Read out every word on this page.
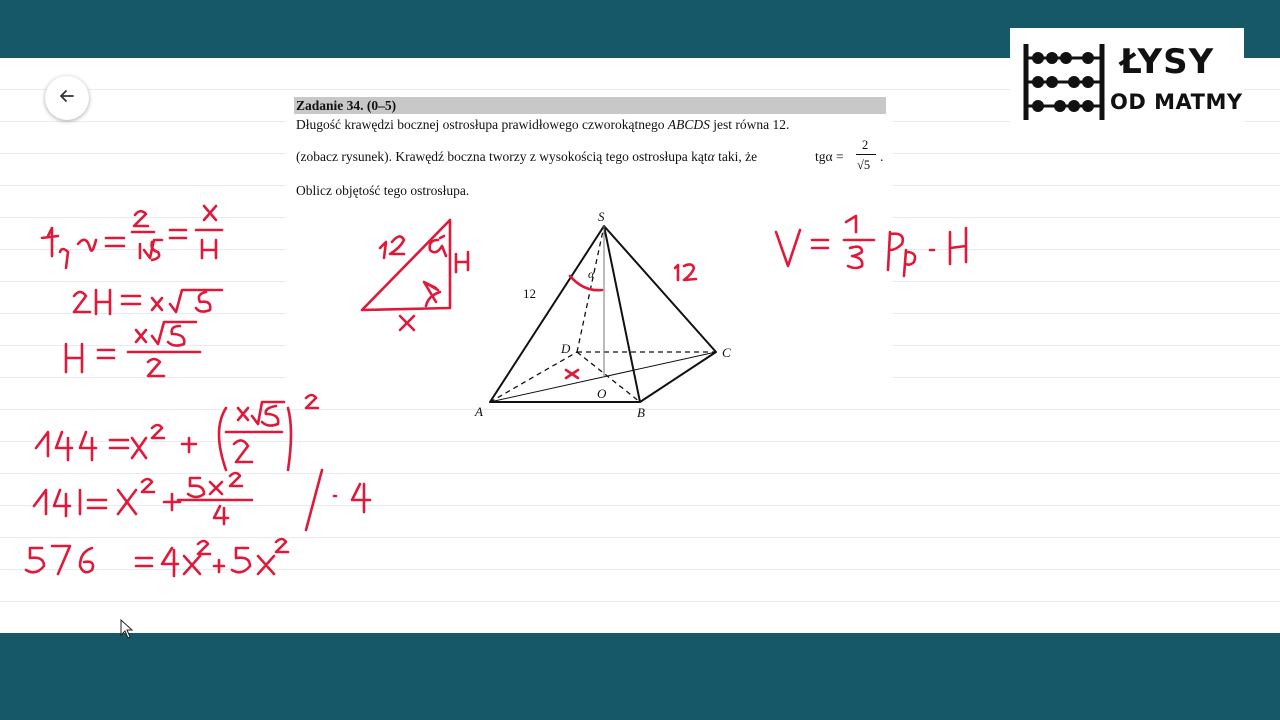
ŁYSY
OD MATMY
Zadanie 34. (0–5)
Długość krawędzi bocznej ostrosłupa prawidłowego czworokątnego ABCDS jest równa 12.
(zobacz rysunek). Krawędź boczna tworzy z wysokością tego ostrosłupa kątα taki, że	tgα =
2
√5
.
Oblicz objętość tego ostrosłupa.
S
A	B
C
D
O
α
12
